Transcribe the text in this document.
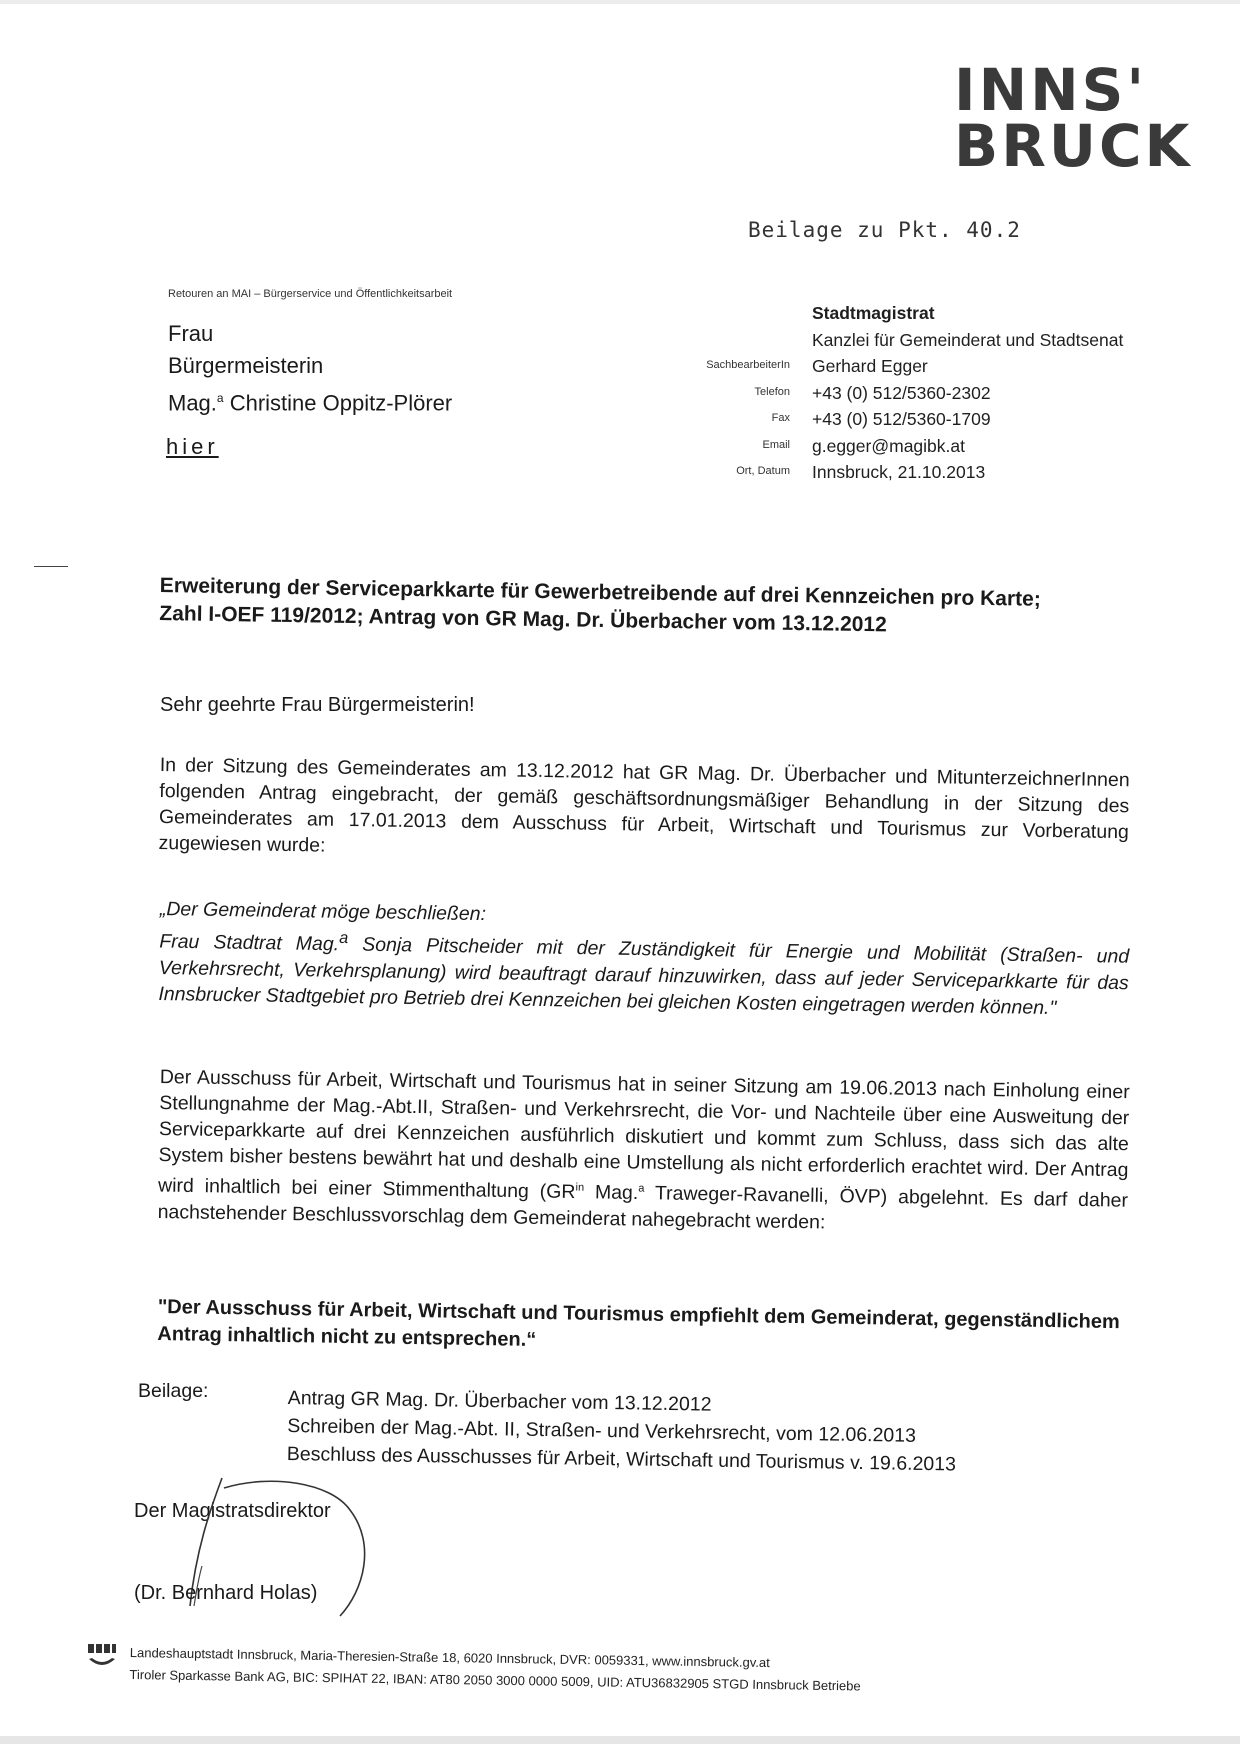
INNS'
BRUCK
Beilage zu Pkt. 40.2
Retouren an MAI – Bürgerservice und Öffentlichkeitsarbeit
Frau
Bürgermeisterin
Mag.$^a$ Christine Oppitz-Plörer
hier
SachbearbeiterIn
Telefon
Fax
Email
Ort, Datum
Stadtmagistrat
Kanzlei für Gemeinderat und Stadtsenat
Gerhard Egger
+43 (0) 512/5360-2302
+43 (0) 512/5360-1709
g.egger@magibk.at
Innsbruck, 21.10.2013
Erweiterung der Serviceparkkarte für Gewerbetreibende auf drei Kennzeichen pro Karte;
Zahl I-OEF 119/2012; Antrag von GR Mag. Dr. Überbacher vom 13.12.2012
Sehr geehrte Frau Bürgermeisterin!
In der Sitzung des Gemeinderates am 13.12.2012 hat GR Mag. Dr. Überbacher und MitunterzeichnerInnen folgenden Antrag eingebracht, der gemäß geschäftsordnungsmäßiger Behandlung in der Sitzung des Gemeinderates am 17.01.2013 dem Ausschuss für Arbeit, Wirtschaft und Tourismus zur Vorberatung zugewiesen wurde:
„Der Gemeinderat möge beschließen:
Frau Stadtrat Mag.$^a$ Sonja Pitscheider mit der Zuständigkeit für Energie und Mobilität (Straßen- und Verkehrsrecht, Verkehrsplanung) wird beauftragt darauf hinzuwirken, dass auf jeder Serviceparkkarte für das Innsbrucker Stadtgebiet pro Betrieb drei Kennzeichen bei gleichen Kosten eingetragen werden können."
Der Ausschuss für Arbeit, Wirtschaft und Tourismus hat in seiner Sitzung am 19.06.2013 nach Einholung einer Stellungnahme der Mag.-Abt.II, Straßen- und Verkehrsrecht, die Vor- und Nachteile über eine Ausweitung der Serviceparkkarte auf drei Kennzeichen ausführlich diskutiert und kommt zum Schluss, dass sich das alte System bisher bestens bewährt hat und deshalb eine Umstellung als nicht erforderlich erachtet wird. Der Antrag wird inhaltlich bei einer Stimmenthaltung ($GR^{in}$ Mag.$^a$ Traweger-Ravanelli, ÖVP) abgelehnt. Es darf daher nachstehender Beschlussvorschlag dem Gemeinderat nahegebracht werden:
"Der Ausschuss für Arbeit, Wirtschaft und Tourismus empfiehlt dem Gemeinderat, gegenständlichem Antrag inhaltlich nicht zu entsprechen.“
Beilage:	Antrag GR Mag. Dr. Überbacher vom 13.12.2012
Schreiben der Mag.-Abt. II, Straßen- und Verkehrsrecht, vom 12.06.2013
Beschluss des Ausschusses für Arbeit, Wirtschaft und Tourismus v. 19.6.2013
Der Magistratsdirektor
(Dr. Bernhard Holas)
Landeshauptstadt Innsbruck, Maria-Theresien-Straße 18, 6020 Innsbruck, DVR: 0059331, www.innsbruck.gv.at
Tiroler Sparkasse Bank AG, BIC: SPIHAT 22, IBAN: AT80 2050 3000 0000 5009, UID: ATU36832905 STGD Innsbruck Betriebe
